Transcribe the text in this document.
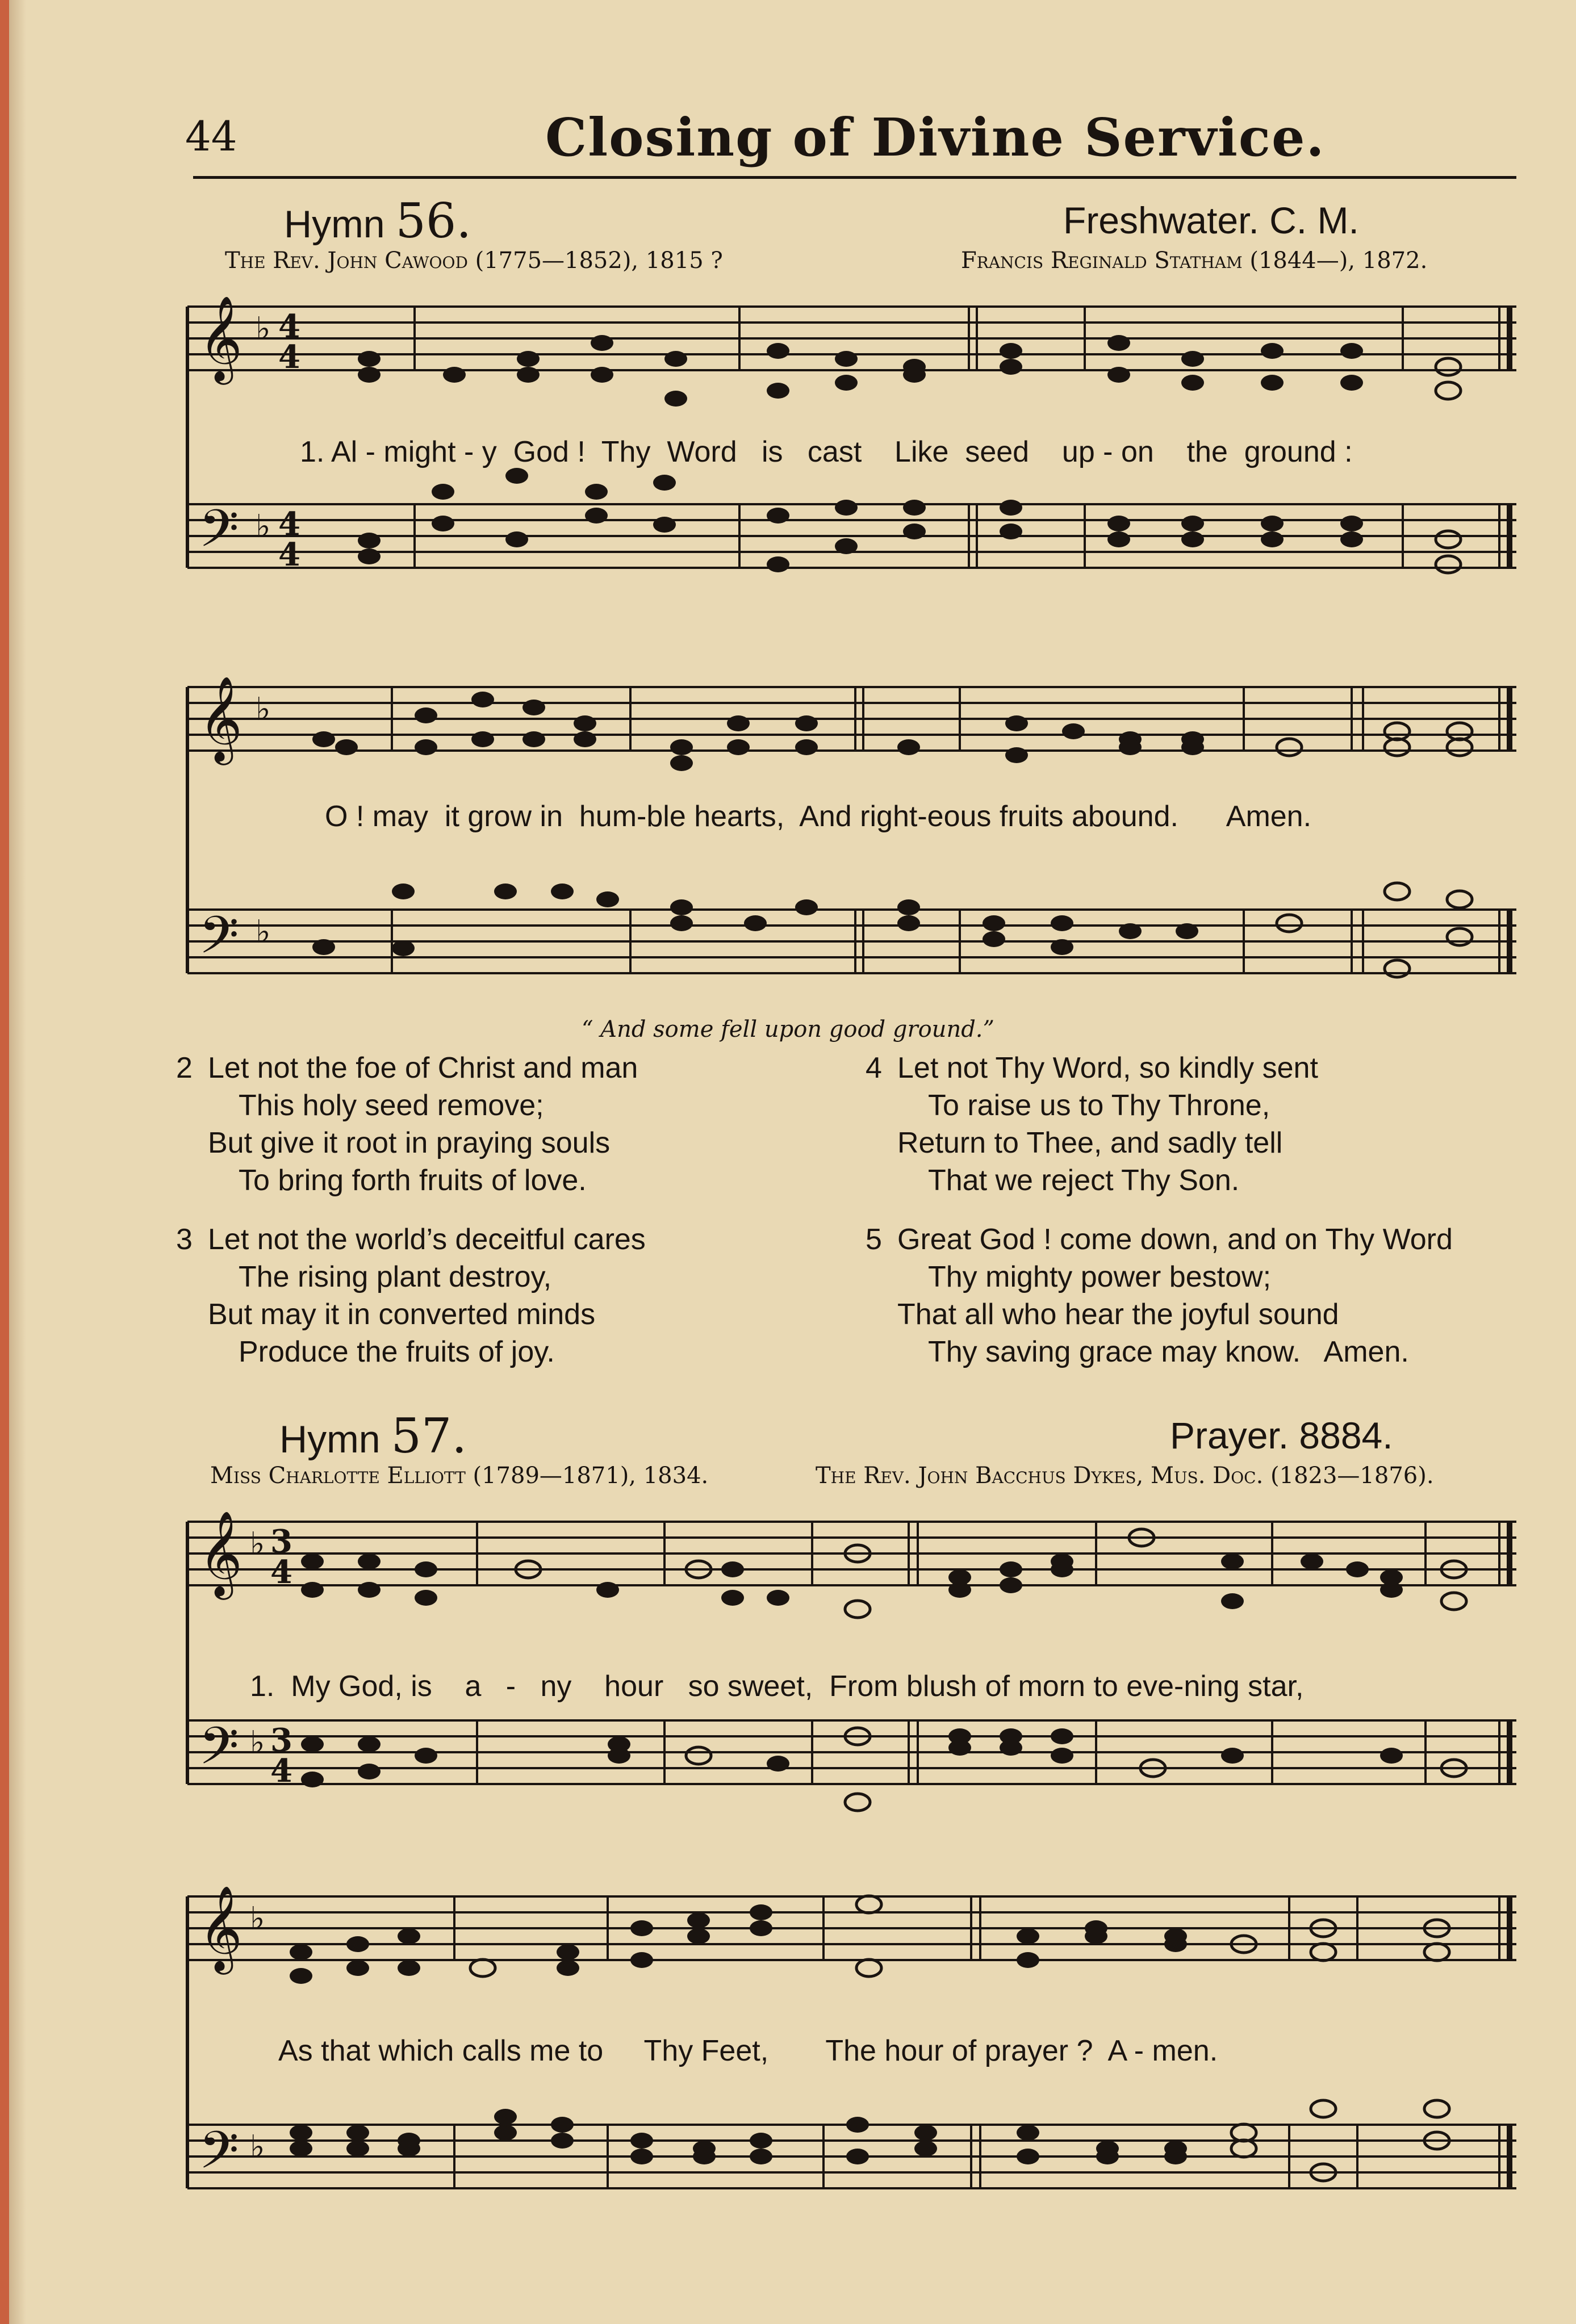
44	Closing of Divine Service.
Hymn 56.	Freshwater. C. M.
The Rev. John Cawood (1775—1852), 1815 ?	Francis Reginald Statham (1844—), 1872.
𝄞
𝄢
♭
♭
4
4
4
4
1. Al - might - y  God !  Thy  Word   is   cast    Like  seed    up - on    the  ground :
𝄞
𝄢
♭
♭
O ! may  it grow in  hum-ble hearts,  And right-eous fruits abound.      Amen.
“ And some fell upon good ground.”
2 Let not the foe of Christ and man
This holy seed remove;
But give it root in praying souls
To bring forth fruits of love.
3 Let not the world’s deceitful cares
The rising plant destroy,
But may it in converted minds
Produce the fruits of joy.
4 Let not Thy Word, so kindly sent
To raise us to Thy Throne,
Return to Thee, and sadly tell
That we reject Thy Son.
5 Great God ! come down, and on Thy Word
Thy mighty power bestow;
That all who hear the joyful sound
Thy saving grace may know.   Amen.
Hymn 57.	Prayer. 8884.
Miss Charlotte Elliott (1789—1871), 1834.	The Rev. John Bacchus Dykes, Mus. Doc. (1823—1876).
𝄞
𝄢
♭
♭
3
4
3
4
1.  My God, is    a   -   ny    hour   so sweet,  From blush of morn to eve-ning star,
𝄞
𝄢
♭
♭
As that which calls me to     Thy Feet,       The hour of prayer ?  A - men.
